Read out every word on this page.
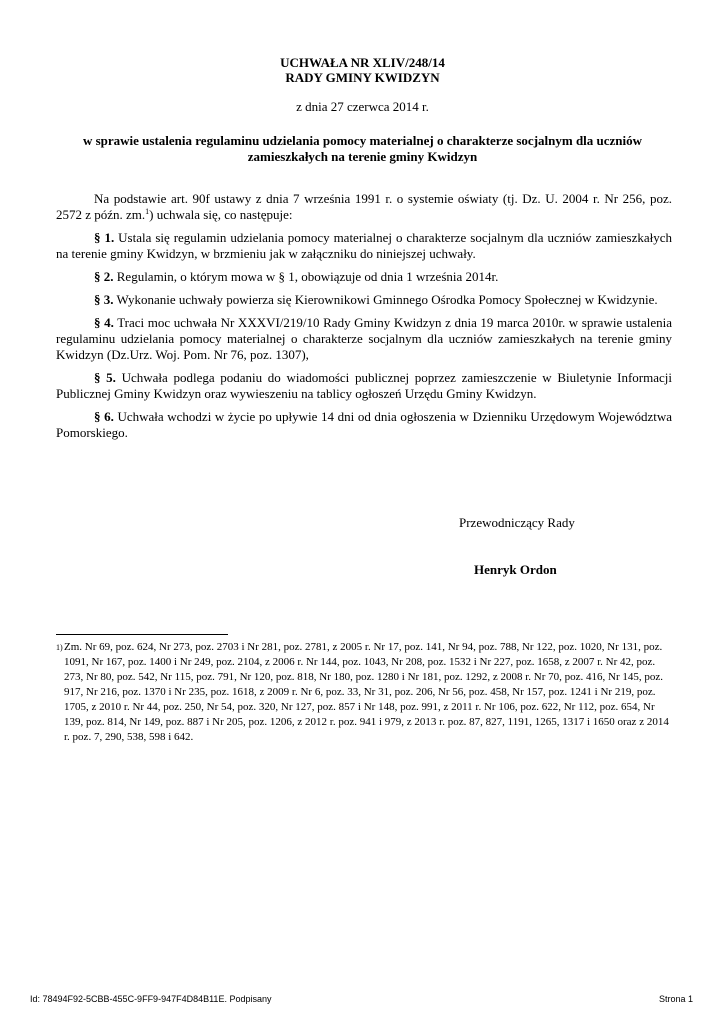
UCHWAŁA NR XLIV/248/14
RADY GMINY KWIDZYN
z dnia 27 czerwca 2014 r.
w sprawie ustalenia regulaminu udzielania pomocy materialnej o charakterze socjalnym dla uczniów zamieszkałych na terenie gminy Kwidzyn

Na podstawie art. 90f ustawy z dnia 7 września 1991 r. o systemie oświaty (tj. Dz. U. 2004 r. Nr 256, poz. 2572 z późn. zm.$^1$) uchwala się, co następuje:

§ 1. Ustala się regulamin udzielania pomocy materialnej o charakterze socjalnym dla uczniów zamieszkałych na terenie gminy Kwidzyn, w brzmieniu jak w załączniku do niniejszej uchwały.

§ 2. Regulamin, o którym mowa w § 1, obowiązuje od dnia 1 września 2014r.

§ 3. Wykonanie uchwały powierza się Kierownikowi Gminnego Ośrodka Pomocy Społecznej w Kwidzynie.

§ 4. Traci moc uchwała Nr XXXVI/219/10 Rady Gminy Kwidzyn z dnia 19 marca 2010r. w sprawie ustalenia regulaminu udzielania pomocy materialnej o charakterze socjalnym dla uczniów zamieszkałych na terenie gminy Kwidzyn (Dz.Urz. Woj. Pom. Nr 76, poz. 1307),

§ 5. Uchwała podlega podaniu do wiadomości publicznej poprzez zamieszczenie w Biuletynie Informacji Publicznej Gminy Kwidzyn oraz wywieszeniu na tablicy ogłoszeń Urzędu Gminy Kwidzyn.

§ 6. Uchwała wchodzi w życie po upływie 14 dni od dnia ogłoszenia w Dzienniku Urzędowym Województwa Pomorskiego.

Przewodniczący Rady
Henryk Ordon
1) Zm. Nr 69, poz. 624, Nr 273, poz. 2703 i Nr 281, poz. 2781, z 2005 r. Nr 17, poz. 141, Nr 94, poz. 788, Nr 122, poz. 1020, Nr 131, poz. 1091, Nr 167, poz. 1400 i Nr 249, poz. 2104, z 2006 r. Nr 144, poz. 1043, Nr 208, poz. 1532 i Nr 227, poz. 1658, z 2007 r. Nr 42, poz. 273, Nr 80, poz. 542, Nr 115, poz. 791, Nr 120, poz. 818, Nr 180, poz. 1280 i Nr 181, poz. 1292, z 2008 r. Nr 70, poz. 416, Nr 145, poz. 917, Nr 216, poz. 1370 i Nr 235, poz. 1618, z 2009 r. Nr 6, poz. 33, Nr 31, poz. 206, Nr 56, poz. 458, Nr 157, poz. 1241 i Nr 219, poz. 1705, z 2010 r. Nr 44, poz. 250, Nr 54, poz. 320, Nr 127, poz. 857 i Nr 148, poz. 991, z 2011 r. Nr 106, poz. 622, Nr 112, poz. 654, Nr 139, poz. 814, Nr 149, poz. 887 i Nr 205, poz. 1206, z 2012 r. poz. 941 i 979, z 2013 r. poz. 87, 827, 1191, 1265, 1317 i 1650 oraz z 2014 r. poz. 7, 290, 538, 598 i 642.
Id: 78494F92-5CBB-455C-9FF9-947F4D84B11E. Podpisany	Strona 1
